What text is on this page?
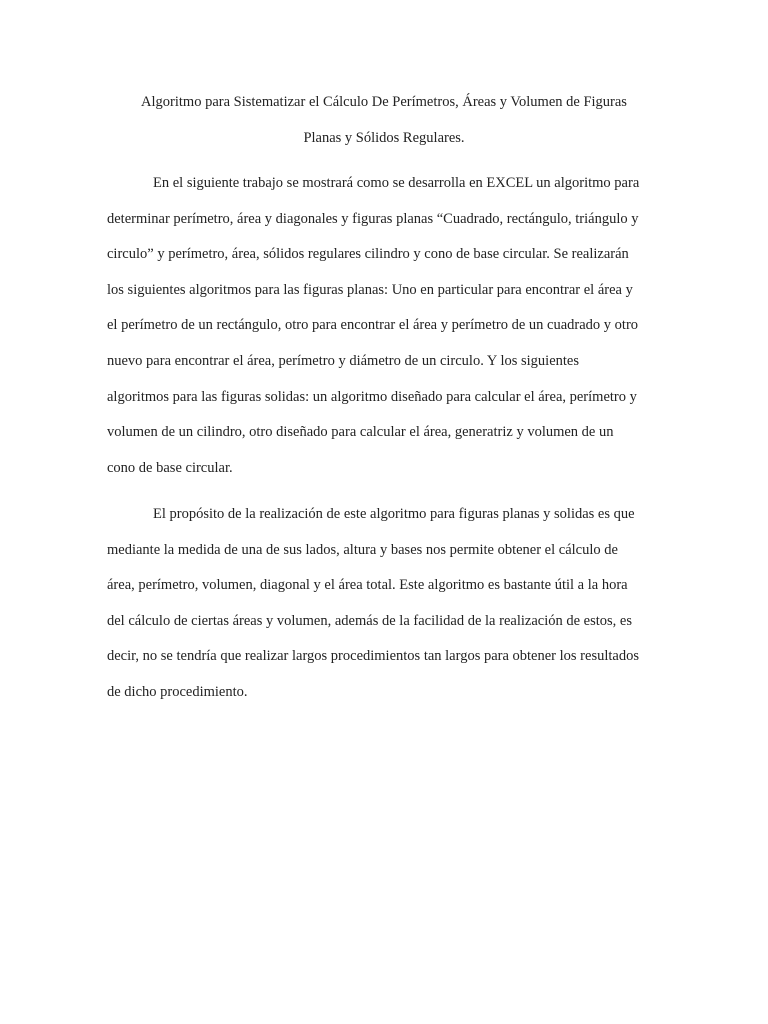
Algoritmo para Sistematizar el Cálculo De Perímetros, Áreas y Volumen de Figuras

Planas y Sólidos Regulares.

En el siguiente trabajo se mostrará como se desarrolla en EXCEL un algoritmo para
determinar perímetro, área y diagonales y figuras planas “Cuadrado, rectángulo, triángulo y
circulo” y perímetro, área, sólidos regulares cilindro y cono de base circular. Se realizarán
los siguientes algoritmos para las figuras planas: Uno en particular para encontrar el área y
el perímetro de un rectángulo, otro para encontrar el área y perímetro de un cuadrado y otro
nuevo para encontrar el área, perímetro y diámetro de un circulo. Y los siguientes
algoritmos para las figuras solidas: un algoritmo diseñado para calcular el área, perímetro y
volumen de un cilindro, otro diseñado para calcular el área, generatriz y volumen de un
cono de base circular.
El propósito de la realización de este algoritmo para figuras planas y solidas es que
mediante la medida de una de sus lados, altura y bases nos permite obtener el cálculo de
área, perímetro, volumen, diagonal y el área total. Este algoritmo es bastante útil a la hora
del cálculo de ciertas áreas y volumen, además de la facilidad de la realización de estos, es
decir, no se tendría que realizar largos procedimientos tan largos para obtener los resultados
de dicho procedimiento.
